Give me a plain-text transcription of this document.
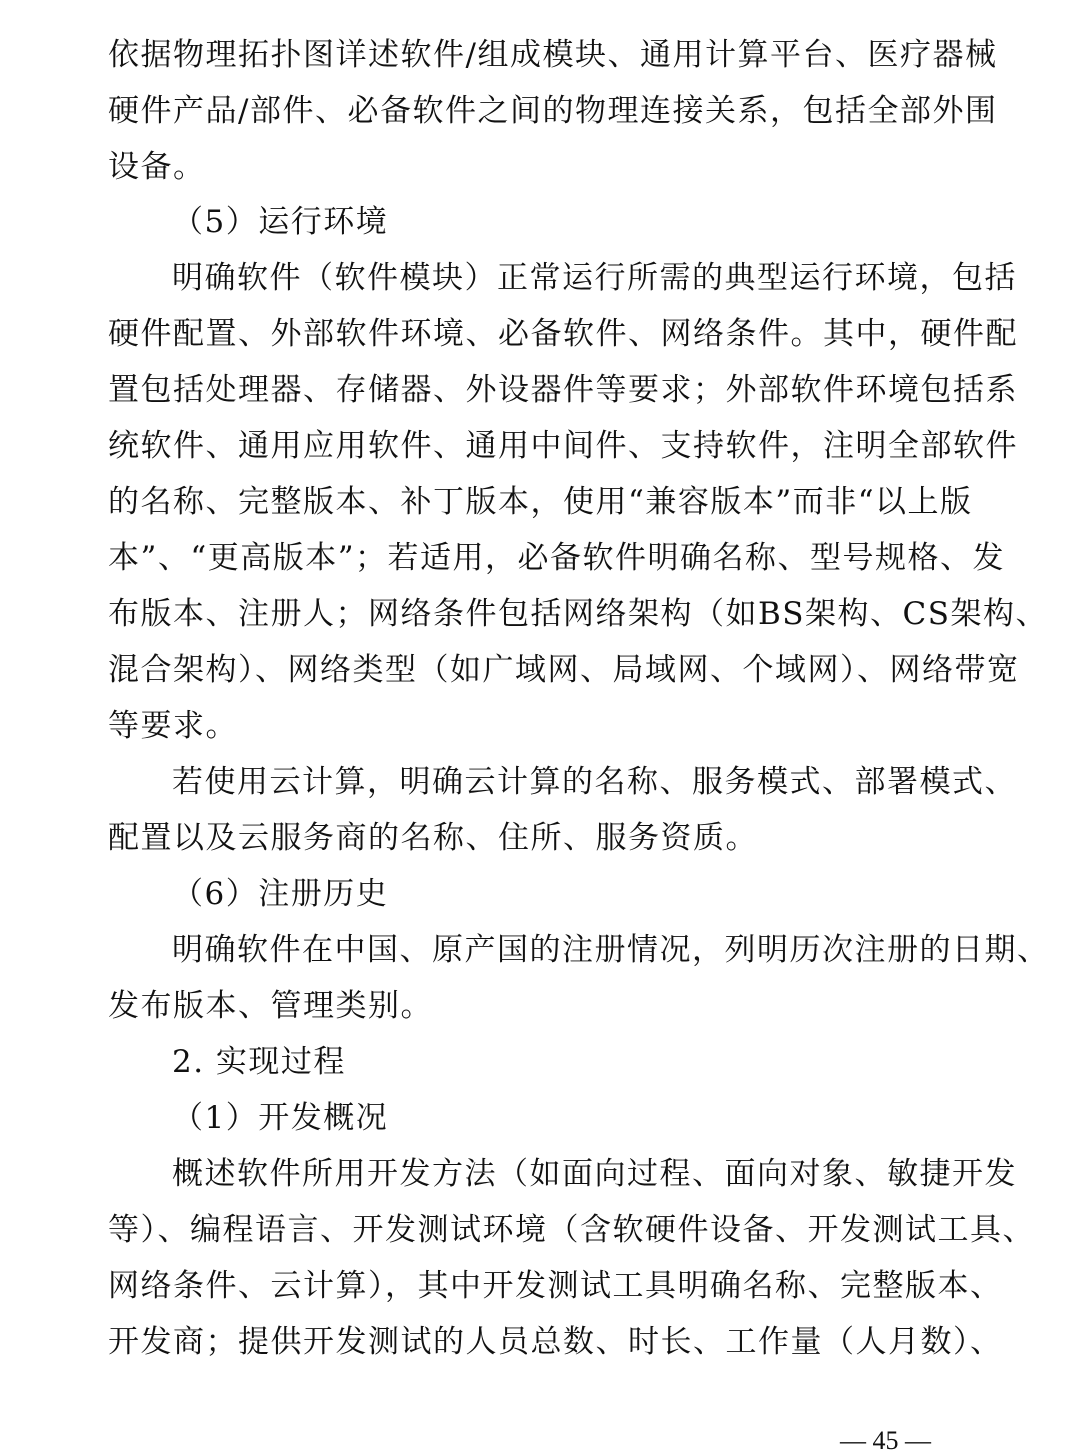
依据物理拓扑图详述软件/组成模块、通用计算平台、医疗器械
硬件产品/部件、必备软件之间的物理连接关系，包括全部外围
设备。
（5）运行环境
明确软件（软件模块）正常运行所需的典型运行环境，包括
硬件配置、外部软件环境、必备软件、网络条件。其中，硬件配
置包括处理器、存储器、外设器件等要求；外部软件环境包括系
统软件、通用应用软件、通用中间件、支持软件，注明全部软件
的名称、完整版本、补丁版本，使用“兼容版本”而非“以上版
本”、“更高版本”；若适用，必备软件明确名称、型号规格、发
布版本、注册人；网络条件包括网络架构（如BS架构、CS架构、
混合架构）、网络类型（如广域网、局域网、个域网）、网络带宽
等要求。
若使用云计算，明确云计算的名称、服务模式、部署模式、
配置以及云服务商的名称、住所、服务资质。
（6）注册历史
明确软件在中国、原产国的注册情况，列明历次注册的日期、
发布版本、管理类别。
2. 实现过程
（1）开发概况
概述软件所用开发方法（如面向过程、面向对象、敏捷开发
等）、编程语言、开发测试环境（含软硬件设备、开发测试工具、
网络条件、云计算），其中开发测试工具明确名称、完整版本、
开发商；提供开发测试的人员总数、时长、工作量（人月数）、
— 45 —
